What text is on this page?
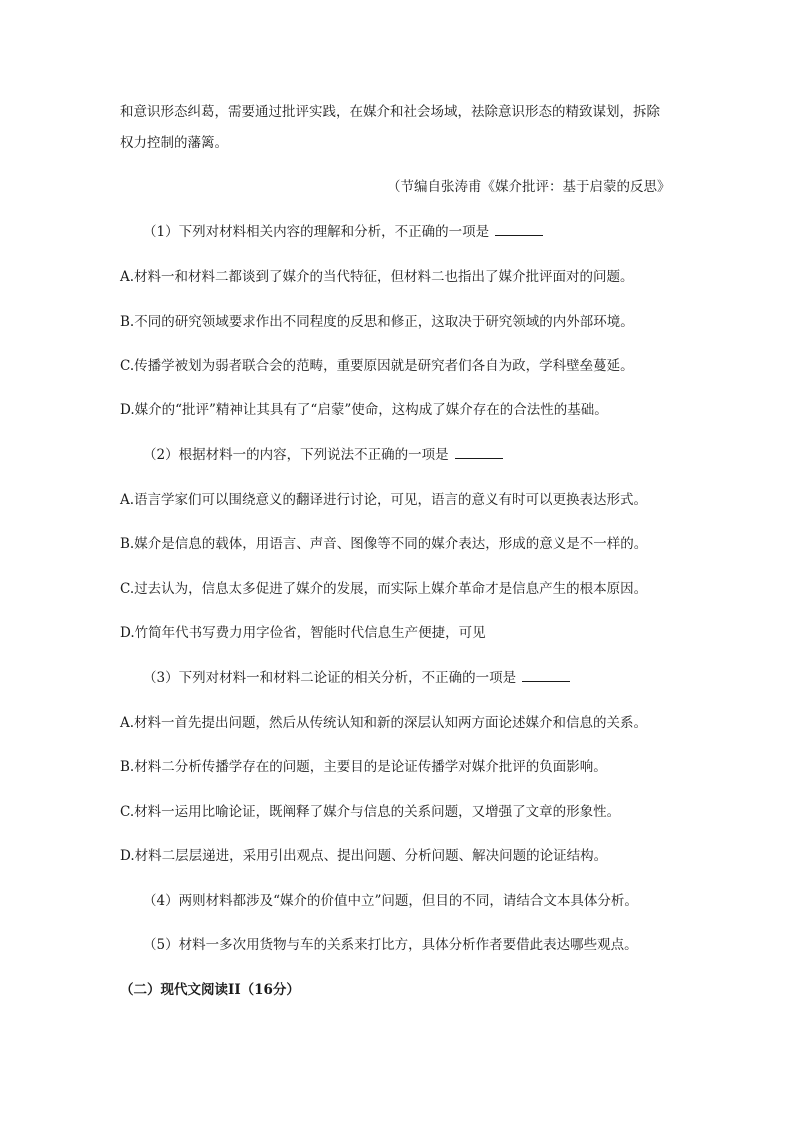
和意识形态纠葛，需要通过批评实践，在媒介和社会场域，祛除意识形态的精致谋划，拆除
权力控制的藩篱。
（节编自张涛甫《媒介批评：基于启蒙的反思》
（1）下列对材料相关内容的理解和分析，不正确的一项是
A.材料一和材料二都谈到了媒介的当代特征，但材料二也指出了媒介批评面对的问题。
B.不同的研究领域要求作出不同程度的反思和修正，这取决于研究领域的内外部环境。
C.传播学被划为弱者联合会的范畴，重要原因就是研究者们各自为政，学科壁垒蔓延。
D.媒介的“批评”精神让其具有了“启蒙”使命，这构成了媒介存在的合法性的基础。
（2）根据材料一的内容，下列说法不正确的一项是
A.语言学家们可以围绕意义的翻译进行讨论，可见，语言的意义有时可以更换表达形式。
B.媒介是信息的载体，用语言、声音、图像等不同的媒介表达，形成的意义是不一样的。
C.过去认为，信息太多促进了媒介的发展，而实际上媒介革命才是信息产生的根本原因。
D.竹简年代书写费力用字俭省，智能时代信息生产便捷，可见
（3）下列对材料一和材料二论证的相关分析，不正确的一项是
A.材料一首先提出问题，然后从传统认知和新的深层认知两方面论述媒介和信息的关系。
B.材料二分析传播学存在的问题，主要目的是论证传播学对媒介批评的负面影响。
C.材料一运用比喻论证，既阐释了媒介与信息的关系问题，又增强了文章的形象性。
D.材料二层层递进，采用引出观点、提出问题、分析问题、解决问题的论证结构。
（4）两则材料都涉及“媒介的价值中立”问题，但目的不同，请结合文本具体分析。
（5）材料一多次用货物与车的关系来打比方，具体分析作者要借此表达哪些观点。
（二）现代文阅读II（16分）
